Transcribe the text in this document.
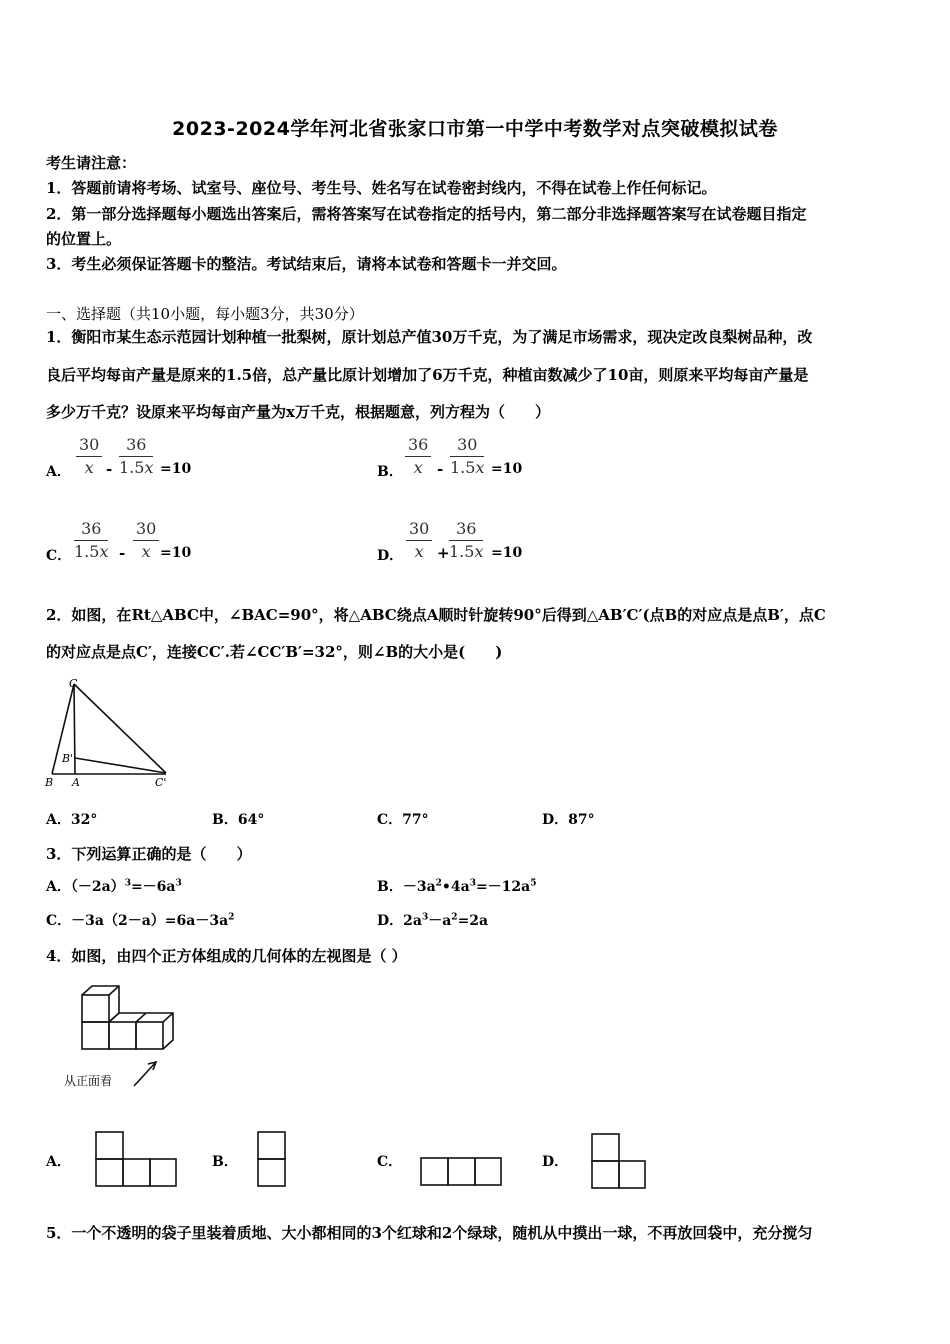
2023-2024学年河北省张家口市第一中学中考数学对点突破模拟试卷
考生请注意：
1．答题前请将考场、试室号、座位号、考生号、姓名写在试卷密封线内，不得在试卷上作任何标记。
2．第一部分选择题每小题选出答案后，需将答案写在试卷指定的括号内，第二部分非选择题答案写在试卷题目指定
的位置上。
3．考生必须保证答题卡的整洁。考试结束后，请将本试卷和答题卡一并交回。
一、选择题（共10小题，每小题3分，共30分）
1．衡阳市某生态示范园计划种植一批梨树，原计划总产值30万千克，为了满足市场需求，现决定改良梨树品种，改
良后平均每亩产量是原来的1.5倍，总产量比原计划增加了6万千克，种植亩数减少了10亩，则原来平均每亩产量是
多少万千克？设原来平均每亩产量为x万千克，根据题意，列方程为（　　）
A． $\frac{30}{x} - \frac{36}{1.5x} =10$	B． $\frac{36}{x} - \frac{30}{1.5x} =10$
C． $\frac{36}{1.5x} - \frac{30}{x} =10$	D． $\frac{30}{x} + \frac{36}{1.5x} =10$
2．如图，在Rt△ABC中，∠BAC=90°，将△ABC绕点A顺时针旋转90°后得到△AB′C′(点B的对应点是点B′，点C
的对应点是点C′，连接CC′.若∠CC′B′=32°，则∠B的大小是(　　)
C
B'
B A	C'
A．32°	B．64°	C．77°	D．87°
3．下列运算正确的是（　　）
A．$(-2a)^3=-6a^3$	B．$-3a^2•4a^3=-12a^5$
C．$-3a(2-a)=6a-3a^2$	D．$2a^3-a^2=2a$
4．如图，由四个正方体组成的几何体的左视图是（ ）
从正面看
A．	B．	C．	D．
5．一个不透明的袋子里装着质地、大小都相同的3个红球和2个绿球，随机从中摸出一球，不再放回袋中，充分搅匀
